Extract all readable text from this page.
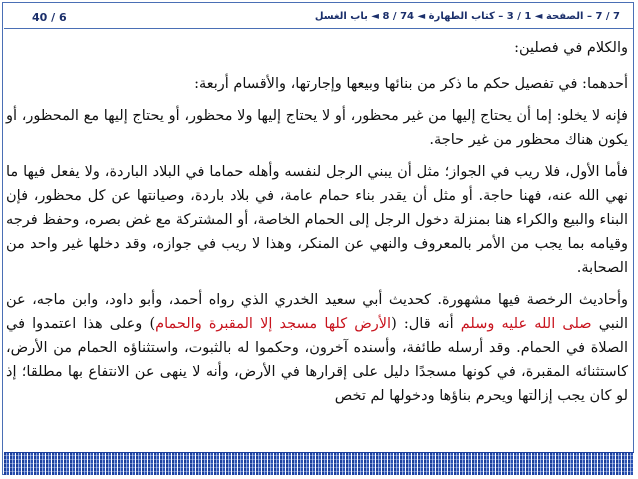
40 / 6	7 / 7 – الصفحة ◄ 1 / 3 – كتاب الطهارة ◄ 74 / 8 ◄ باب الغسل

والكلام في فصلين:

أحدهما: في تفصيل حكم ما ذكر من بنائها وبيعها وإجارتها، والأقسام أربعة:

فإنه لا يخلو: إما أن يحتاج إليها من غير محظور، أو لا يحتاج إليها ولا محظور، أو يحتاج إليها مع المحظور، أو يكون هناك محظور من غير حاجة.

فأما الأول، فلا ريب في الجواز؛ مثل أن يبني الرجل لنفسه وأهله حماما في البلاد الباردة، ولا يفعل فيها ما نهي الله عنه، فهنا حاجة. أو مثل أن يقدر بناء حمام عامة، في بلاد باردة، وصيانتها عن كل محظور، فإن البناء والبيع والكراء هنا بمنزلة دخول الرجل إلى الحمام الخاصة، أو المشتركة مع غض بصره، وحفظ فرجه وقيامه بما يجب من الأمر بالمعروف والنهي عن المنكر، وهذا لا ريب في جوازه، وقد دخلها غير واحد من الصحابة.

وأحاديث الرخصة فيها مشهورة. كحديث أبي سعيد الخدري الذي رواه أحمد، وأبو داود، وابن ماجه، عن النبي صلى الله عليه وسلم أنه قال: (الأرض كلها مسجد إلا المقبرة والحمام) وعلى هذا اعتمدوا في الصلاة في الحمام. وقد أرسله طائفة، وأسنده آخرون، وحكموا له بالثبوت، واستثناؤه الحمام من الأرض، كاستثنائه المقبرة، في كونها مسجدًا دليل على إقرارها في الأرض، وأنه لا ينهى عن الانتفاع بها مطلقا؛ إذ لو كان يجب إزالتها ويحرم بناؤها ودخولها لم تخص
